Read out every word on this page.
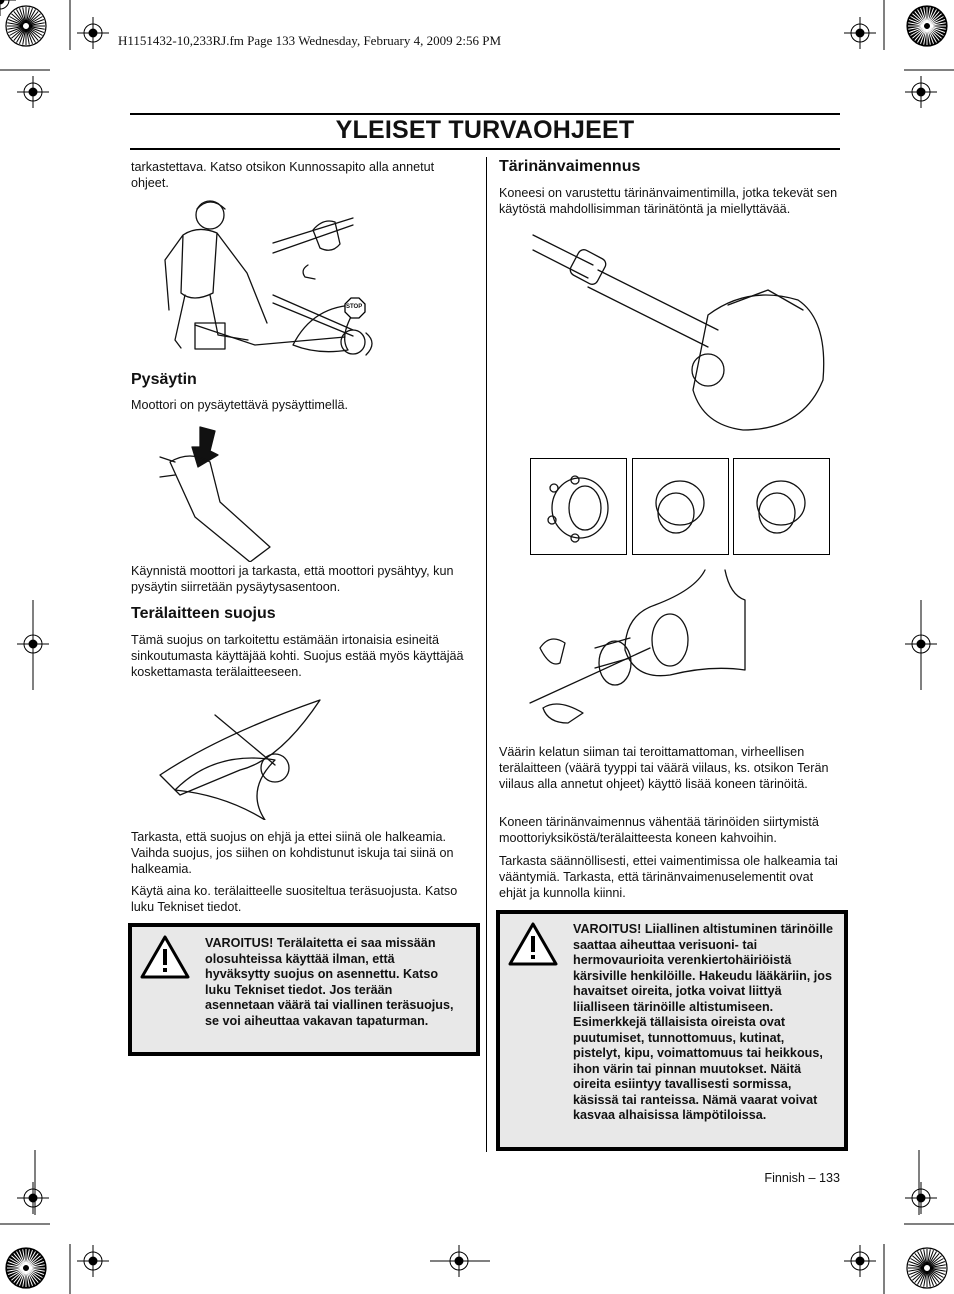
H1151432-10,233RJ.fm Page 133 Wednesday, February 4, 2009 2:56 PM
YLEISET TURVAOHJEET
tarkastettava. Katso otsikon Kunnossapito alla annetut ohjeet.
STOP
Pysäytin
Moottori on pysäytettävä pysäyttimellä.
Käynnistä moottori ja tarkasta, että moottori pysähtyy, kun pysäytin siirretään pysäytysasentoon.
Terälaitteen suojus
Tämä suojus on tarkoitettu estämään irtonaisia esineitä sinkoutumasta käyttäjää kohti. Suojus estää myös käyttäjää koskettamasta terälaitteeseen.
Tarkasta, että suojus on ehjä ja ettei siinä ole halkeamia. Vaihda suojus, jos siihen on kohdistunut iskuja tai siinä on halkeamia.
Käytä aina ko. terälaitteelle suositeltua teräsuojusta. Katso luku Tekniset tiedot.
VAROITUS! Terälaitetta ei saa missään olosuhteissa käyttää ilman, että hyväksytty suojus on asennettu. Katso luku Tekniset tiedot. Jos terään asennetaan väärä tai viallinen teräsuojus, se voi aiheuttaa vakavan tapaturman.
Tärinänvaimennus
Koneesi on varustettu tärinänvaimentimilla, jotka tekevät sen käytöstä mahdollisimman tärinätöntä ja miellyttävää.
Väärin kelatun siiman tai teroittamattoman, virheellisen terälaitteen (väärä tyyppi tai väärä viilaus, ks. otsikon Terän viilaus alla annetut ohjeet) käyttö lisää koneen tärinöitä.
Koneen tärinänvaimennus vähentää tärinöiden siirtymistä moottoriyksiköstä/terälaitteesta koneen kahvoihin.
Tarkasta säännöllisesti, ettei vaimentimissa ole halkeamia tai vääntymiä. Tarkasta, että tärinänvaimenuselementit ovat ehjät ja kunnolla kiinni.
VAROITUS! Liiallinen altistuminen tärinöille saattaa aiheuttaa verisuoni- tai hermovaurioita verenkiertohäiriöistä kärsiville henkilöille. Hakeudu lääkäriin, jos havaitset oireita, jotka voivat liittyä liialliseen tärinöille altistumiseen. Esimerkkejä tällaisista oireista ovat puutumiset, tunnottomuus, kutinat, pistelyt, kipu, voimattomuus tai heikkous, ihon värin tai pinnan muutokset. Näitä oireita esiintyy tavallisesti sormissa, käsissä tai ranteissa. Nämä vaarat voivat kasvaa alhaisissa lämpötiloissa.
Finnish – 133
